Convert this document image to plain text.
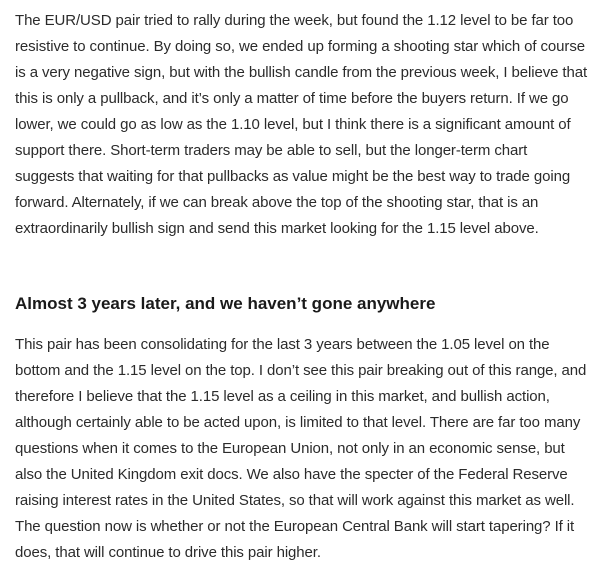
The EUR/USD pair tried to rally during the week, but found the 1.12 level to be far too resistive to continue. By doing so, we ended up forming a shooting star which of course is a very negative sign, but with the bullish candle from the previous week, I believe that this is only a pullback, and it’s only a matter of time before the buyers return. If we go lower, we could go as low as the 1.10 level, but I think there is a significant amount of support there. Short-term traders may be able to sell, but the longer-term chart suggests that waiting for that pullbacks as value might be the best way to trade going forward. Alternately, if we can break above the top of the shooting star, that is an extraordinarily bullish sign and send this market looking for the 1.15 level above.

Almost 3 years later, and we haven’t gone anywhere

This pair has been consolidating for the last 3 years between the 1.05 level on the bottom and the 1.15 level on the top. I don’t see this pair breaking out of this range, and therefore I believe that the 1.15 level as a ceiling in this market, and bullish action, although certainly able to be acted upon, is limited to that level. There are far too many questions when it comes to the European Union, not only in an economic sense, but also the United Kingdom exit docs. We also have the specter of the Federal Reserve raising interest rates in the United States, so that will work against this market as well. The question now is whether or not the European Central Bank will start tapering? If it does, that will continue to drive this pair higher.
